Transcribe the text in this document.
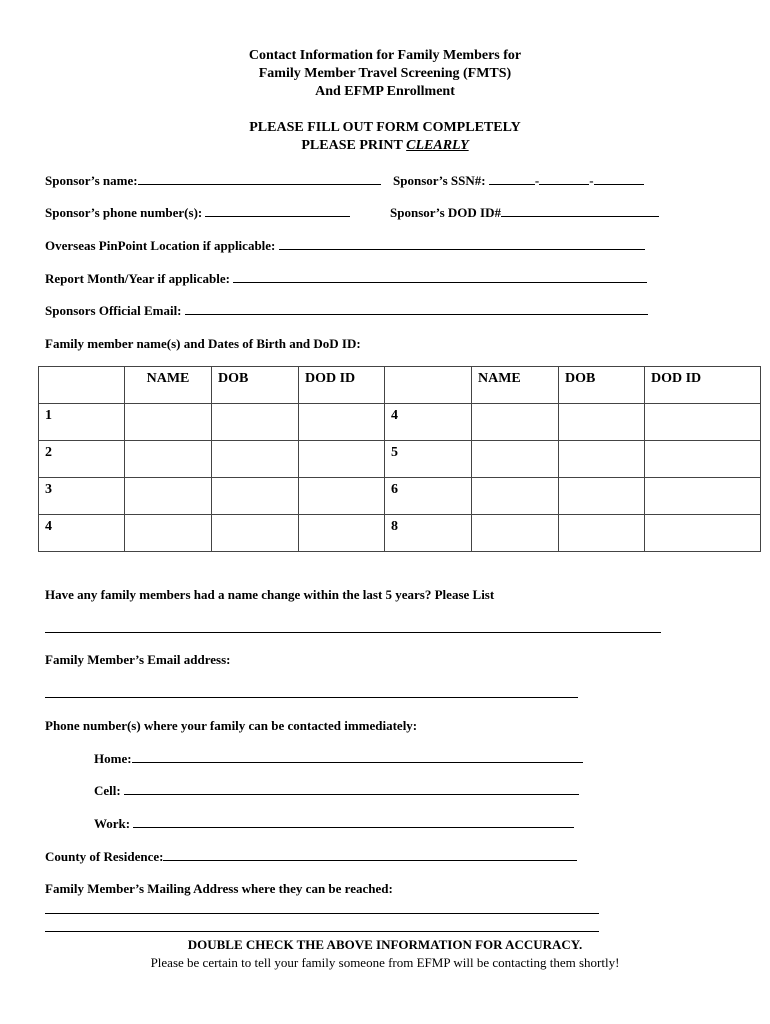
Contact Information for Family Members for
Family Member Travel Screening (FMTS)
And EFMP Enrollment
PLEASE FILL OUT FORM COMPLETELY
PLEASE PRINT CLEARLY
Sponsor’s name:	Sponsor’s SSN#:	-	-
Sponsor’s phone number(s):	Sponsor’s DOD ID#
Overseas PinPoint Location if applicable:
Report Month/Year if applicable:
Sponsors Official Email:
Family member name(s) and Dates of Birth and DoD ID:
	NAME	DOB	DOD ID		NAME	DOB	DOD ID
1				4			
2				5			
3				6			
4				8			
Have any family members had a name change within the last 5 years? Please List
Family Member’s Email address:
Phone number(s) where your family can be contacted immediately:
Home:
Cell:
Work:
County of Residence:
Family Member’s Mailing Address where they can be reached:
DOUBLE CHECK THE ABOVE INFORMATION FOR ACCURACY.
Please be certain to tell your family someone from EFMP will be contacting them shortly!
